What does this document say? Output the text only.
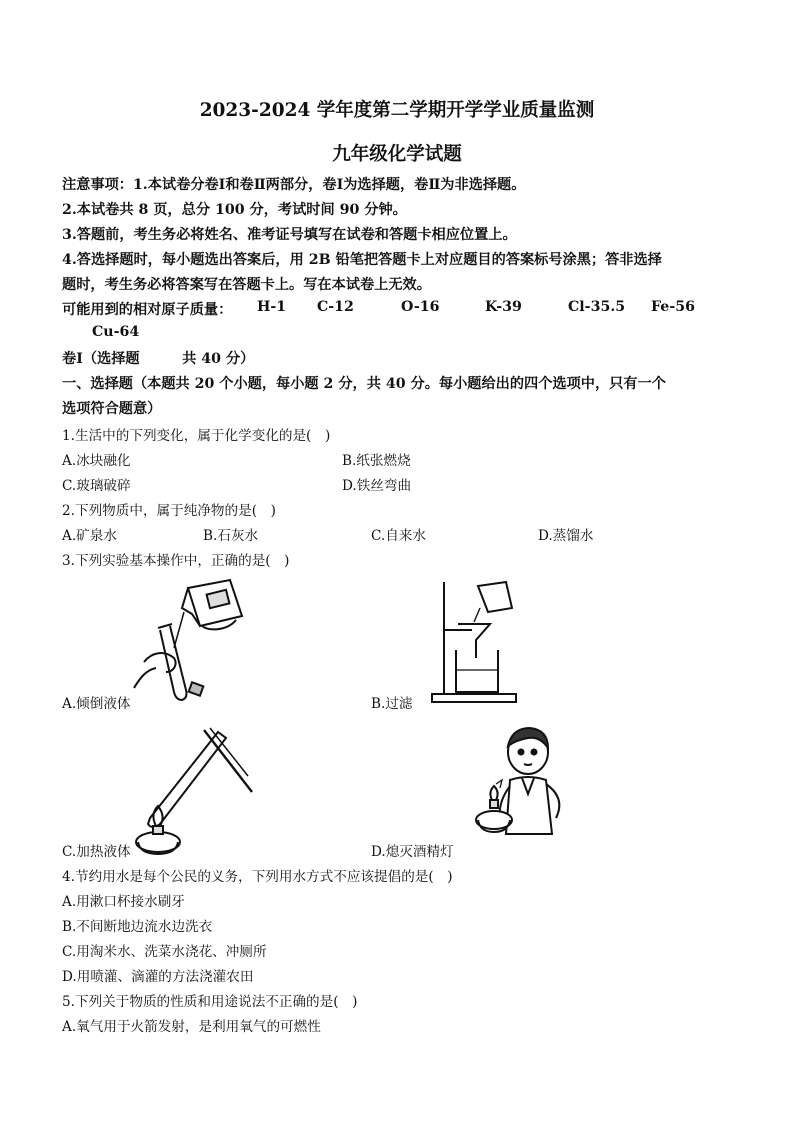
2023-2024 学年度第二学期开学学业质量监测
九年级化学试题
注意事项：1.本试卷分卷Ⅰ和卷Ⅱ两部分，卷Ⅰ为选择题，卷Ⅱ为非选择题。
2.本试卷共 8 页，总分 100 分，考试时间 90 分钟。
3.答题前，考生务必将姓名、准考证号填写在试卷和答题卡相应位置上。
4.答选择题时，每小题选出答案后，用 2B 铅笔把答题卡上对应题目的答案标号涂黑；答非选择
题时，考生务必将答案写在答题卡上。写在本试卷上无效。
可能用到的相对原子质量： H-1 C-12	O-16	K-39	Cl-35.5 Fe-56
Cu-64
卷Ⅰ（选择题　　　共 40 分）
一、选择题（本题共 20 个小题，每小题 2 分，共 40 分。每小题给出的四个选项中，只有一个
选项符合题意）
1.生活中的下列变化，属于化学变化的是(　)
A.冰块融化	B.纸张燃烧
C.玻璃破碎	D.铁丝弯曲
2.下列物质中，属于纯净物的是(　)
A.矿泉水	B.石灰水	C.自来水	D.蒸馏水
3.下列实验基本操作中，正确的是(　)
A.倾倒液体	B.过滤
C.加热液体	D.熄灭酒精灯
4.节约用水是每个公民的义务，下列用水方式不应该提倡的是(　)
A.用漱口杯接水刷牙
B.不间断地边流水边洗衣
C.用淘米水、洗菜水浇花、冲厕所
D.用喷灌、滴灌的方法浇灌农田
5.下列关于物质的性质和用途说法不正确的是(　)
A.氧气用于火箭发射，是利用氧气的可燃性
